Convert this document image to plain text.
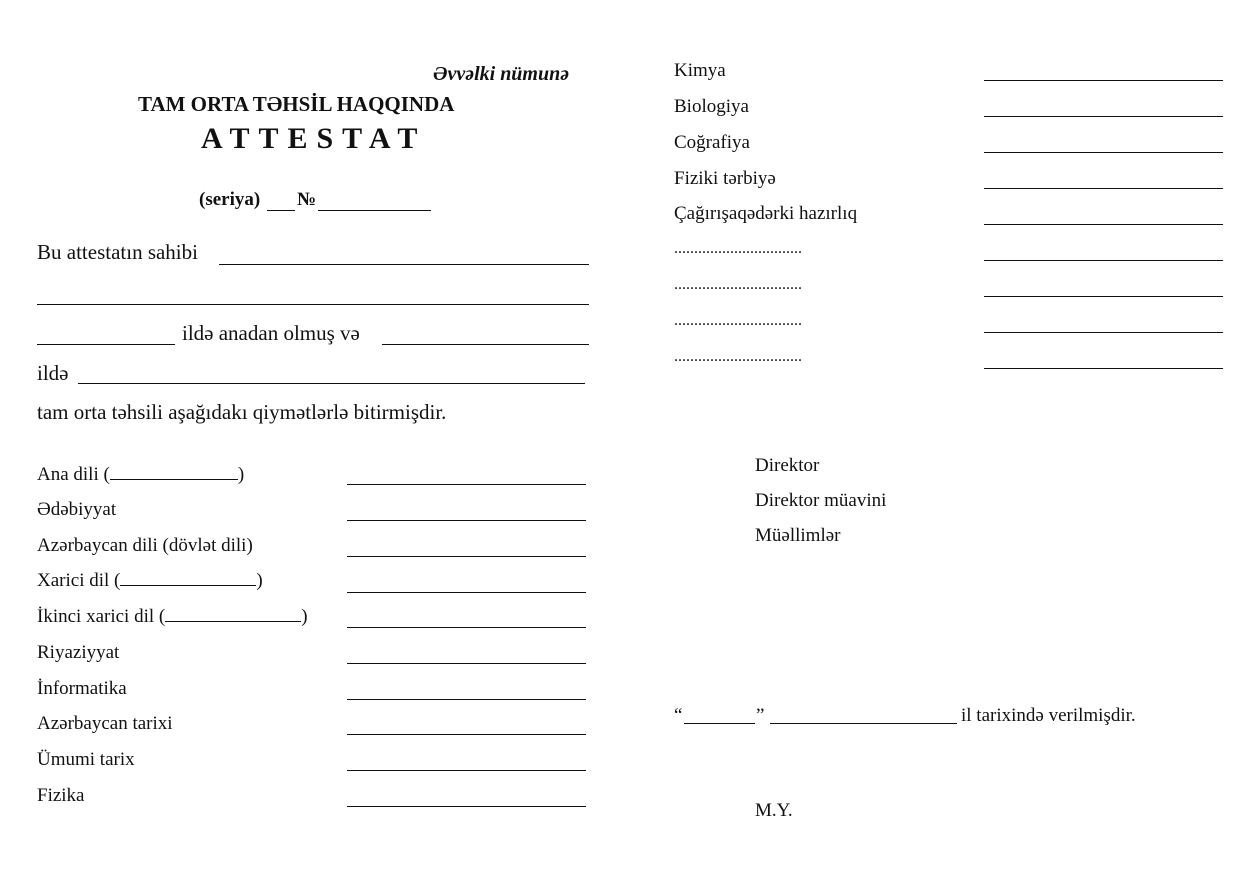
Əvvəlki nümunə
TAM ORTA TƏHSİL HAQQINDA
ATTESTAT
(seriya) №
Bu attestatın sahibi
ildə anadan olmuş və
ildə
tam orta təhsili aşağıdakı qiymətlərlə bitirmişdir.
Ana dili (	)
Ədəbiyyat
Azərbaycan dili (dövlət dili)
Xarici dil (	)
İkinci xarici dil (	)
Riyaziyyat
İnformatika
Azərbaycan tarixi
Ümumi tarix
Fizika
Kimya
Biologiya
Coğrafiya
Fiziki tərbiyə
Çağırışaqədərki hazırlıq
................................
................................
................................
................................
Direktor
Direktor müavini
Müəllimlər
“	”	il tarixində verilmişdir.
M.Y.
